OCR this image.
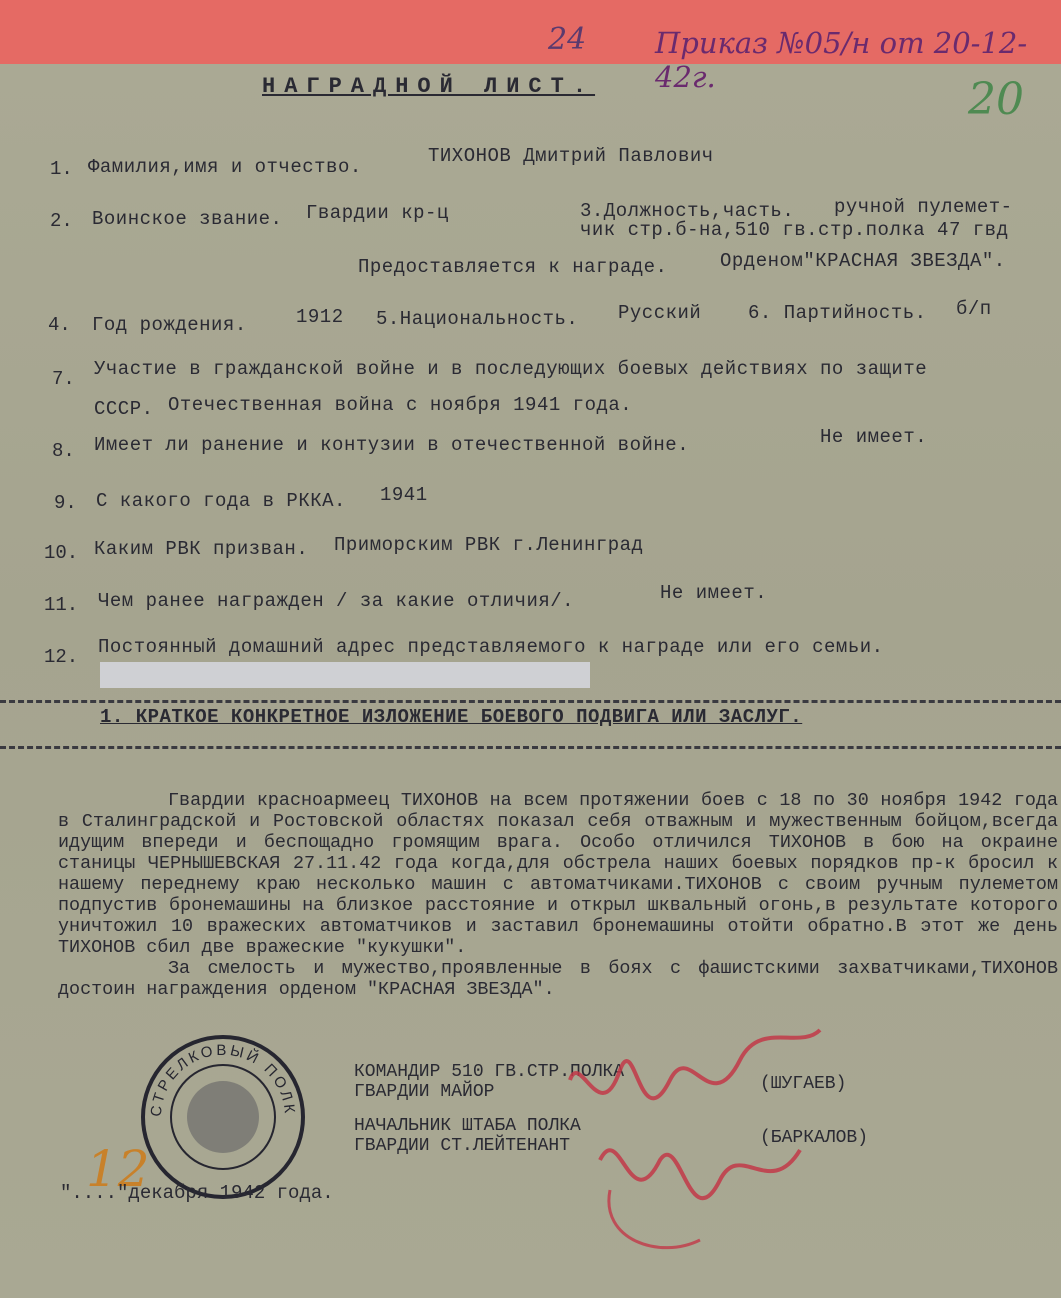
24 Приказ №05/н от 20-12-42г.	20
НАГРАДНОЙ ЛИСТ.
1. Фамилия,имя и отчество.	ТИХОНОВ Дмитрий Павлович
2. Воинское звание. Гвардии кр-ц	3.Должность,часть. ручной пулемет-
чик стр.б-на,510 гв.стр.полка 47 гвд
Предоставляется к награде.	Орденом"КРАСНАЯ ЗВЕЗДА".
4. Год рождения.	1912 5.Национальность. Русский 6. Партийность. б/п
7. Участие в гражданской войне и в последующих боевых действиях по защите
СССР. Отечественная война с ноября 1941 года.
8. Имеет ли ранение и контузии в отечественной войне.	Не имеет.
9. С какого года в РККА. 1941
10. Каким РВК призван. Приморским РВК г.Ленинград
11. Чем ранее награжден / за какие отличия/.	Не имеет.
12. Постоянный домашний адрес представляемого к награде или его семьи.
1. КРАТКОЕ КОНКРЕТНОЕ ИЗЛОЖЕНИЕ БОЕВОГО ПОДВИГА ИЛИ ЗАСЛУГ.

Гвардии красноармеец ТИХОНОВ на всем протяжении боев с 18 по 30 ноября 1942 года в Сталинградской и Ростовской областях показал себя отважным и мужественным бойцом,всегда идущим впереди и беспощадно громящим врага. Особо отличился ТИХОНОВ в бою на окраине станицы ЧЕРНЫШЕВСКАЯ 27.11.42 года когда,для обстрела наших боевых порядков пр-к бросил к нашему переднему краю несколько машин с автоматчиками.ТИХОНОВ с своим ручным пулеметом подпустив бронемашины на близкое расстояние и открыл шквальный огонь,в результате которого уничтожил 10 вражеских автоматчиков и заставил бронемашины отойти обратно.В этот же день ТИХОНОВ сбил две вражеские "кукушки".

За смелость и мужество,проявленные в боях с фашистскими захватчиками,ТИХОНОВ достоин награждения орденом "КРАСНАЯ ЗВЕЗДА".

СТРЕЛКОВЫЙ ПОЛК
12
КОМАНДИР 510 ГВ.СТР.ПОЛКА
ГВАРДИИ МАЙОР	(ШУГАЕВ)
НАЧАЛЬНИК ШТАБА ПОЛКА
ГВАРДИИ СТ.ЛЕЙТЕНАНТ	(БАРКАЛОВ)
"...."декабря 1942 года.
